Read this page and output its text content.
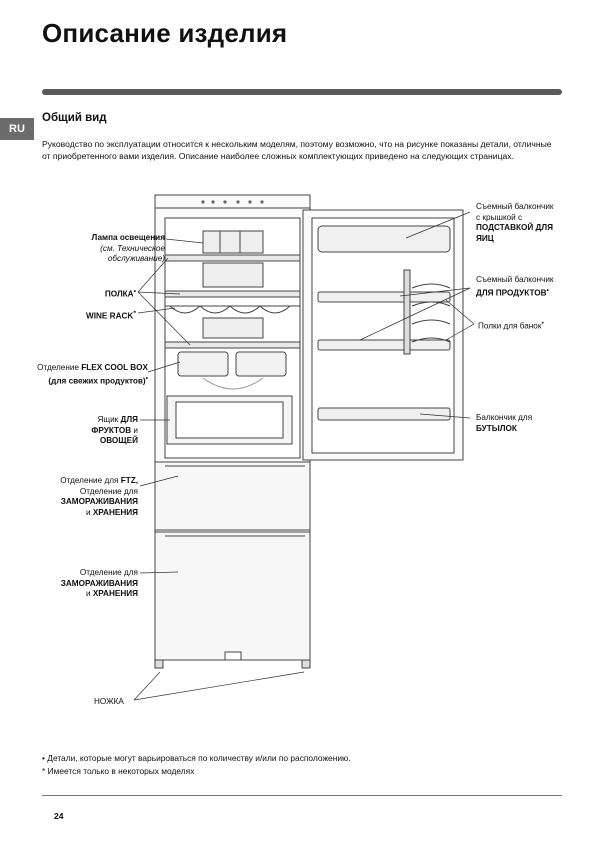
Описание изделия
RU
Общий вид
Руководство по эксплуатации относится к нескольким моделям, поэтому возможно, что на рисунке показаны детали, отличные от приобретенного вами изделия. Описание наиболее сложных комплектующих приведено на следующих страницах.
Лампа освещения
(см. Техническое
обслуживание)
ПОЛКА•
WINE RACK*
Отделение FLEX COOL BOX
(для свежих продуктов)•
Ящик ДЛЯ
ФРУКТОВ и
ОВОЩЕЙ
Отделение для FTZ,
Отделение для
ЗАМОРАЖИВАНИЯ
и ХРАНЕНИЯ
Отделение для
ЗАМОРАЖИВАНИЯ
и ХРАНЕНИЯ
НОЖКА
Съемный балкончик
с крышкой с
ПОДСТАВКОЙ ДЛЯ
ЯИЦ
Съемный балкончик
ДЛЯ ПРОДУКТОВ•
Полки для банок•
Балкончик для
БУТЫЛОК
• Детали, которые могут варьироваться по количеству и/или по расположению.
* Имеется только в некоторых моделях
24
